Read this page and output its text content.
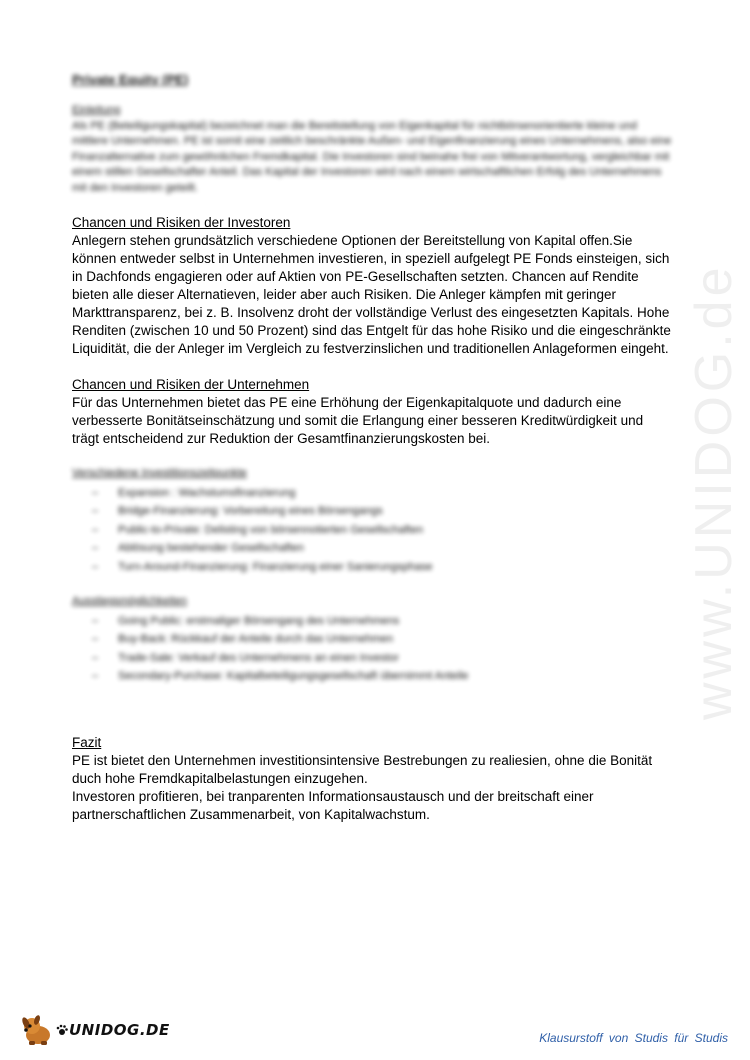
www.UNIDOG.de
Private Equity (PE)
Einleitung

Als PE (Beteiligungskapital) bezeichnet man die Bereitstellung von Eigenkapital für nichtbörsenorientierte kleine und mittlere Unternehmen. PE ist somit eine zeitlich beschränkte Außen- und Eigenfinanzierung eines Unternehmens, also eine Finanzalternative zum gewöhnlichen Fremdkapital. Die Investoren sind beinahe frei von Mitverantwortung, vergleichbar mit einem stillen Gesellschafter Anteil. Das Kapital der Investoren wird nach einem wirtschaftlichen Erfolg des Unternehmens mit den Investoren geteilt.

Chancen und Risiken der Investoren

Anlegern stehen grundsätzlich verschiedene Optionen der Bereitstellung von Kapital offen.Sie können entweder selbst in Unternehmen investieren, in speziell aufgelegt PE Fonds einsteigen, sich in Dachfonds engagieren oder auf Aktien von PE-Gesellschaften setzten. Chancen auf Rendite bieten alle dieser Alternatieven, leider aber auch Risiken. Die Anleger kämpfen mit geringer Markttransparenz, bei z. B. Insolvenz droht der vollständige Verlust des eingesetzten Kapitals. Hohe Renditen (zwischen 10 und 50 Prozent) sind das Entgelt für das hohe Risiko und die eingeschränkte Liquidität, die der Anleger im Vergleich zu festverzinslichen und traditionellen Anlageformen eingeht.

Chancen und Risiken der Unternehmen

Für das Unternehmen bietet das PE eine Erhöhung der Eigenkapitalquote und dadurch eine verbesserte Bonitätseinschätzung und somit die Erlangung einer besseren Kreditwürdigkeit und trägt entscheidend zur Reduktion der Gesamtfinanzierungskosten bei.

Verschiedene Investitionszeitpunkte
– Expansion : Wachstumsfinanzierung
– Bridge-Finanzierung: Vorbereitung eines Börsengangs
– Public-to-Private: Delisting von börsennotierten Gesellschaften
– Ablösung bestehender Gesellschaften
– Turn-Around-Finanzierung: Finanzierung einer Sanierungsphase
Ausstiegsmöglichkeiten
– Going Public: erstmaliger Börsengang des Unternehmens
– Buy-Back: Rückkauf der Anteile durch das Unternehmen
– Trade-Sale: Verkauf des Unternehmens an einen Investor
– Secondary-Purchase: Kapitalbeteiligungsgesellschaft übernimmt Anteile
Fazit

PE ist bietet den Unternehmen investitionsintensive Bestrebungen zu realiesien, ohne die Bonität duch hohe Fremdkapitalbelastungen einzugehen.

Investoren profitieren, bei tranparenten Informationsaustausch und der breitschaft einer partnerschaftlichen Zusammenarbeit, von Kapitalwachstum.

UNIDOG.DE	Klausurstoff von Studis für Studis
